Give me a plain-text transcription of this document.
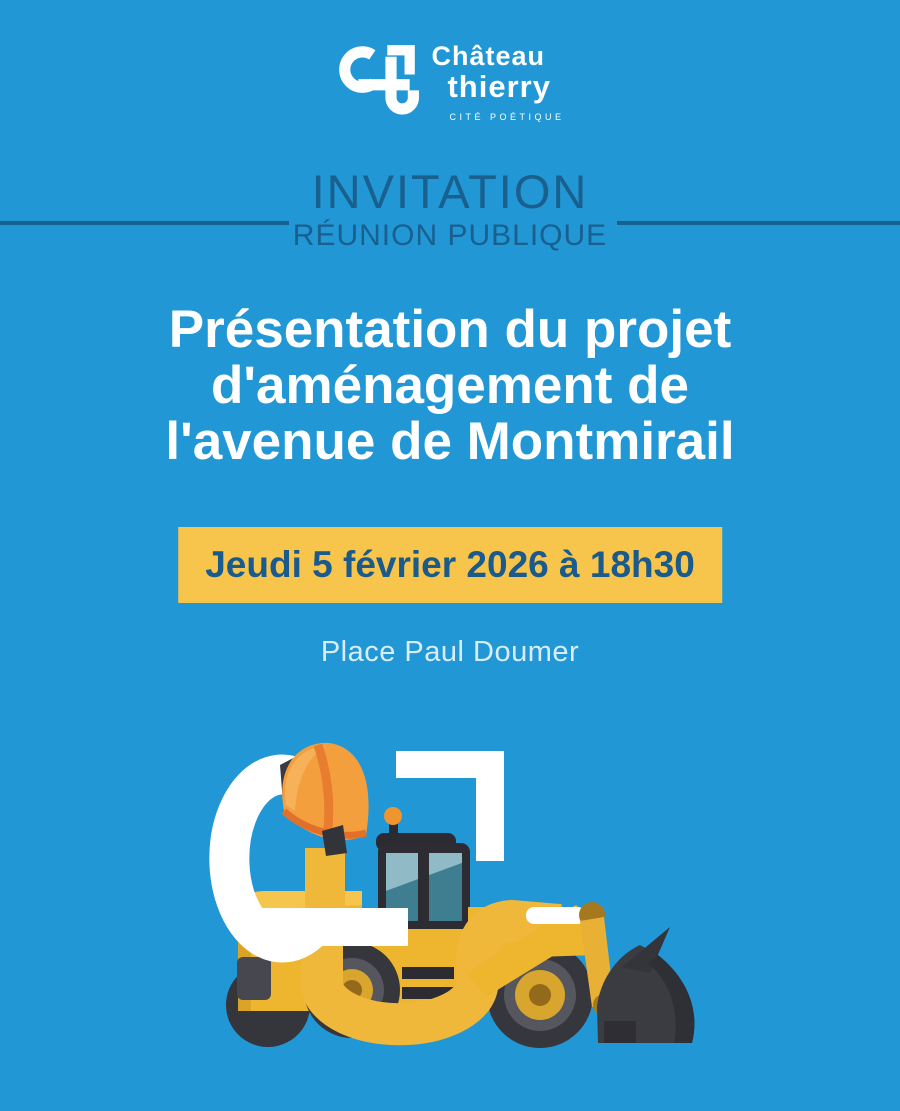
Château
thierry
CITÉ POÉTIQUE
INVITATION
RÉUNION PUBLIQUE
Présentation du projet
d'aménagement de
l'avenue de Montmirail
Jeudi 5 février 2026 à 18h30
Place Paul Doumer
